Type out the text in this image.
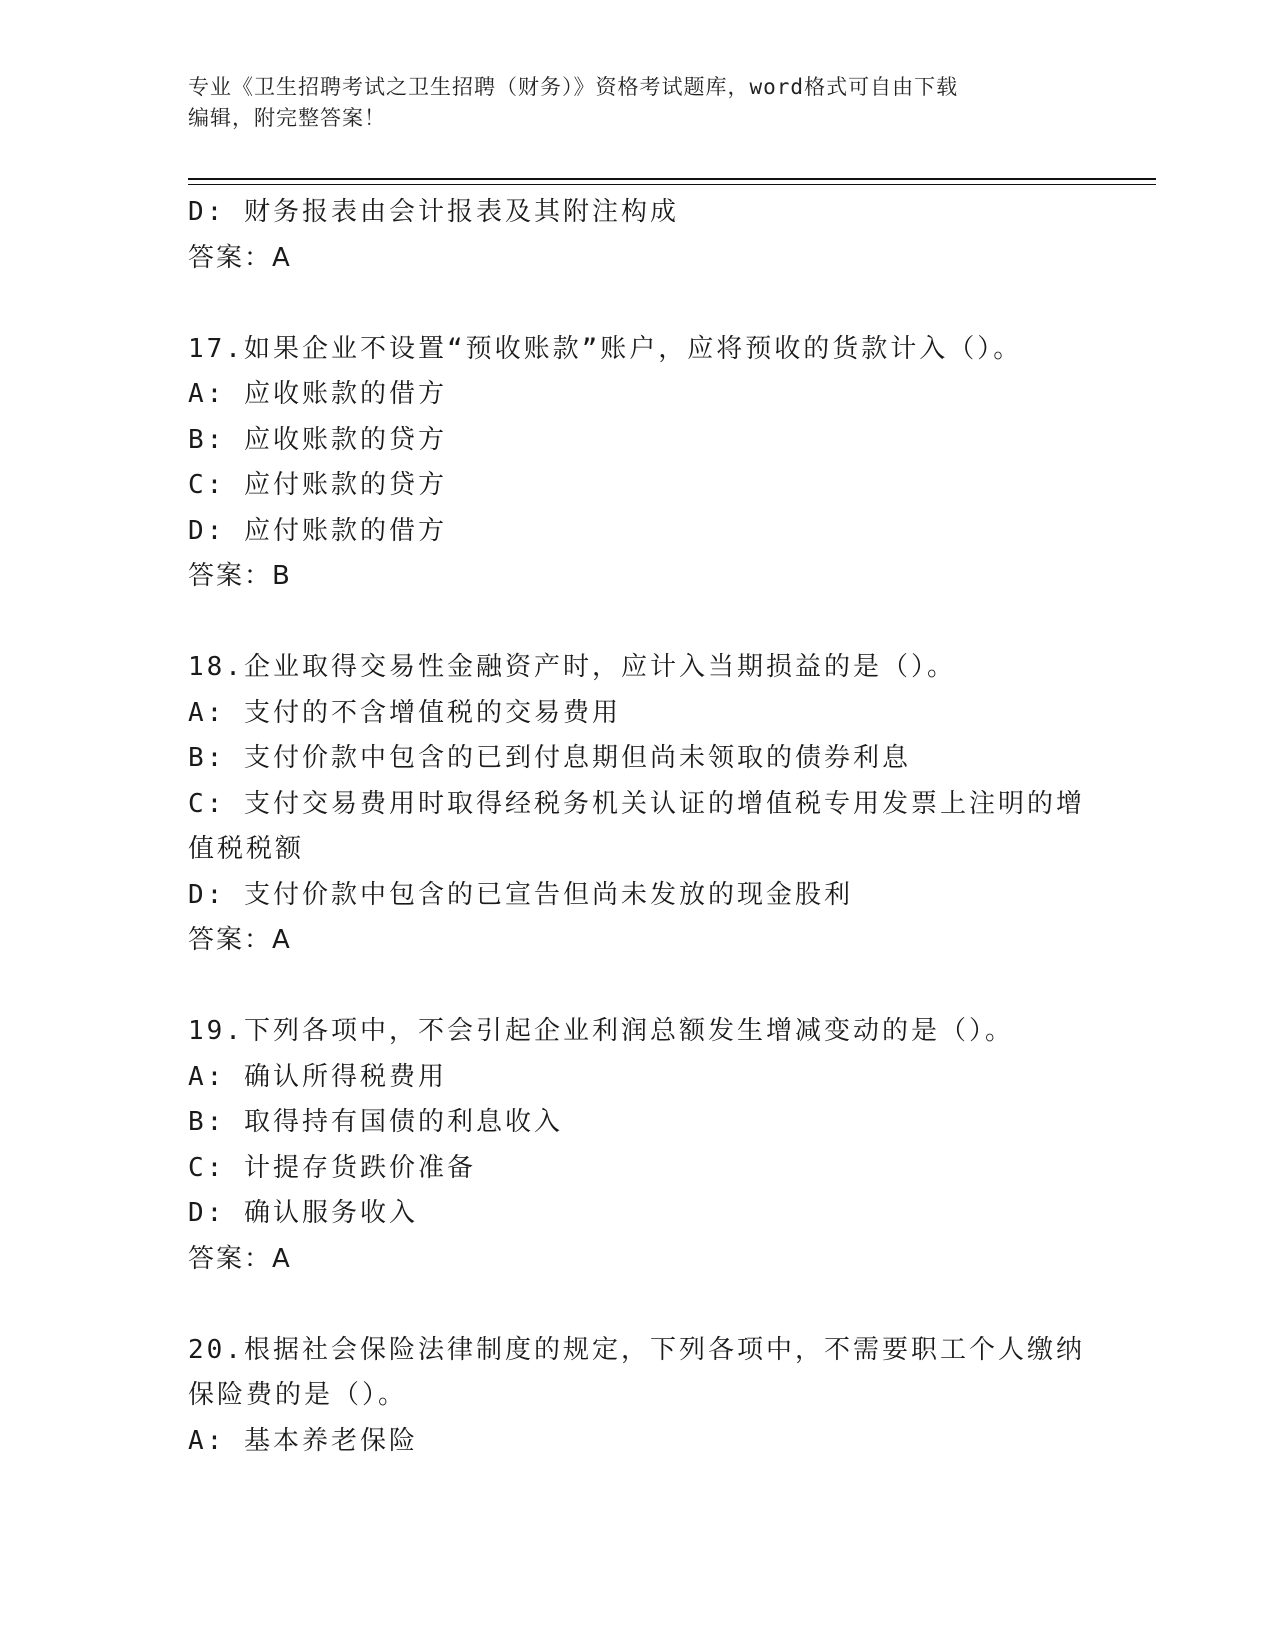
专业《卫生招聘考试之卫生招聘（财务）》资格考试题库，word格式可自由下载
编辑，附完整答案！
D: 财务报表由会计报表及其附注构成
答案：A
17.如果企业不设置“预收账款”账户，应将预收的货款计入（）。
A: 应收账款的借方
B: 应收账款的贷方
C: 应付账款的贷方
D: 应付账款的借方
答案：B
18.企业取得交易性金融资产时，应计入当期损益的是（）。
A: 支付的不含增值税的交易费用
B: 支付价款中包含的已到付息期但尚未领取的债券利息
C: 支付交易费用时取得经税务机关认证的增值税专用发票上注明的增值税税额
D: 支付价款中包含的已宣告但尚未发放的现金股利
答案：A
19.下列各项中，不会引起企业利润总额发生增减变动的是（）。
A: 确认所得税费用
B: 取得持有国债的利息收入
C: 计提存货跌价准备
D: 确认服务收入
答案：A
20.根据社会保险法律制度的规定，下列各项中，不需要职工个人缴纳保险费的是（）。
A: 基本养老保险
